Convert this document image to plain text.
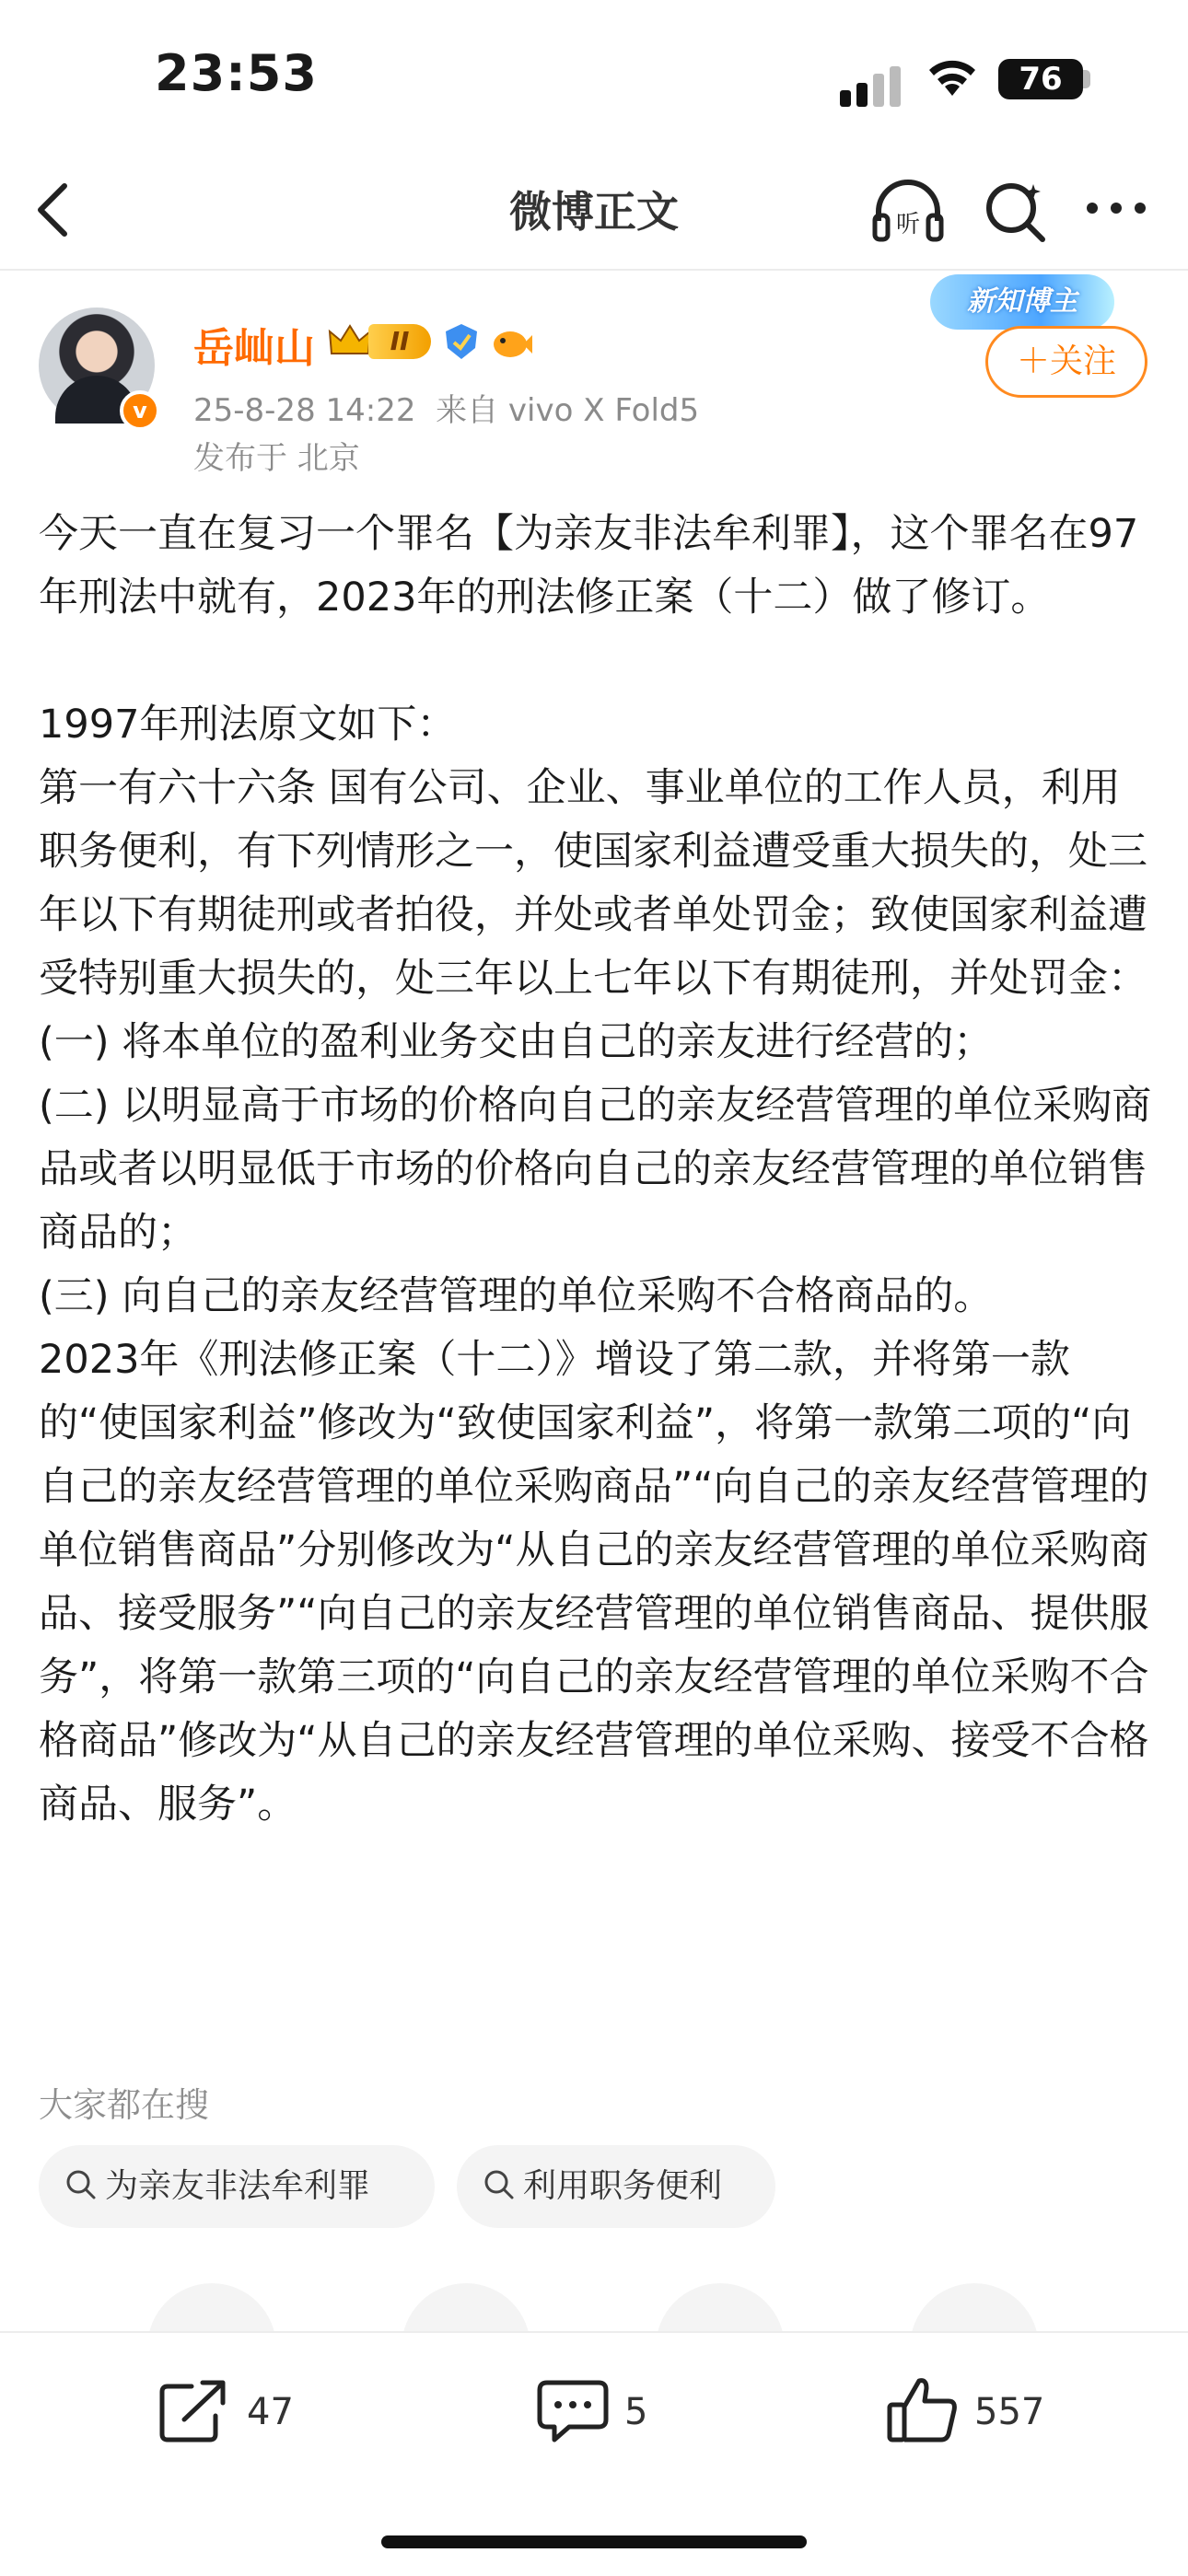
23:53	76
微博正文	听
v
岳屾山	II
25-8-28 14:22 来自 vivo X Fold5
发布于 北京
新知博主
＋关注

今天一直在复习一个罪名【为亲友非法牟利罪】，这个罪名在97年刑法中就有，2023年的刑法修正案（十二）做了修订。

1997年刑法原文如下：

第一有六十六条 国有公司、企业、事业单位的工作人员，利用职务便利，有下列情形之一，使国家利益遭受重大损失的，处三年以下有期徒刑或者拍役，并处或者单处罚金；致使国家利益遭受特别重大损失的，处三年以上七年以下有期徒刑，并处罚金：

(一) 将本单位的盈利业务交由自己的亲友进行经营的；

(二) 以明显高于市场的价格向自己的亲友经营管理的单位采购商品或者以明显低于市场的价格向自己的亲友经营管理的单位销售商品的；

(三) 向自己的亲友经营管理的单位采购不合格商品的。

2023年《刑法修正案（十二）》增设了第二款，并将第一款的“使国家利益”修改为“致使国家利益”，将第一款第二项的“向自己的亲友经营管理的单位采购商品”“向自己的亲友经营管理的单位销售商品”分别修改为“从自己的亲友经营管理的单位采购商品、接受服务”“向自己的亲友经营管理的单位销售商品、提供服务”，将第一款第三项的“向自己的亲友经营管理的单位采购不合格商品”修改为“从自己的亲友经营管理的单位采购、接受不合格商品、服务”。

大家都在搜
为亲友非法牟利罪	利用职务便利
47	5	557
